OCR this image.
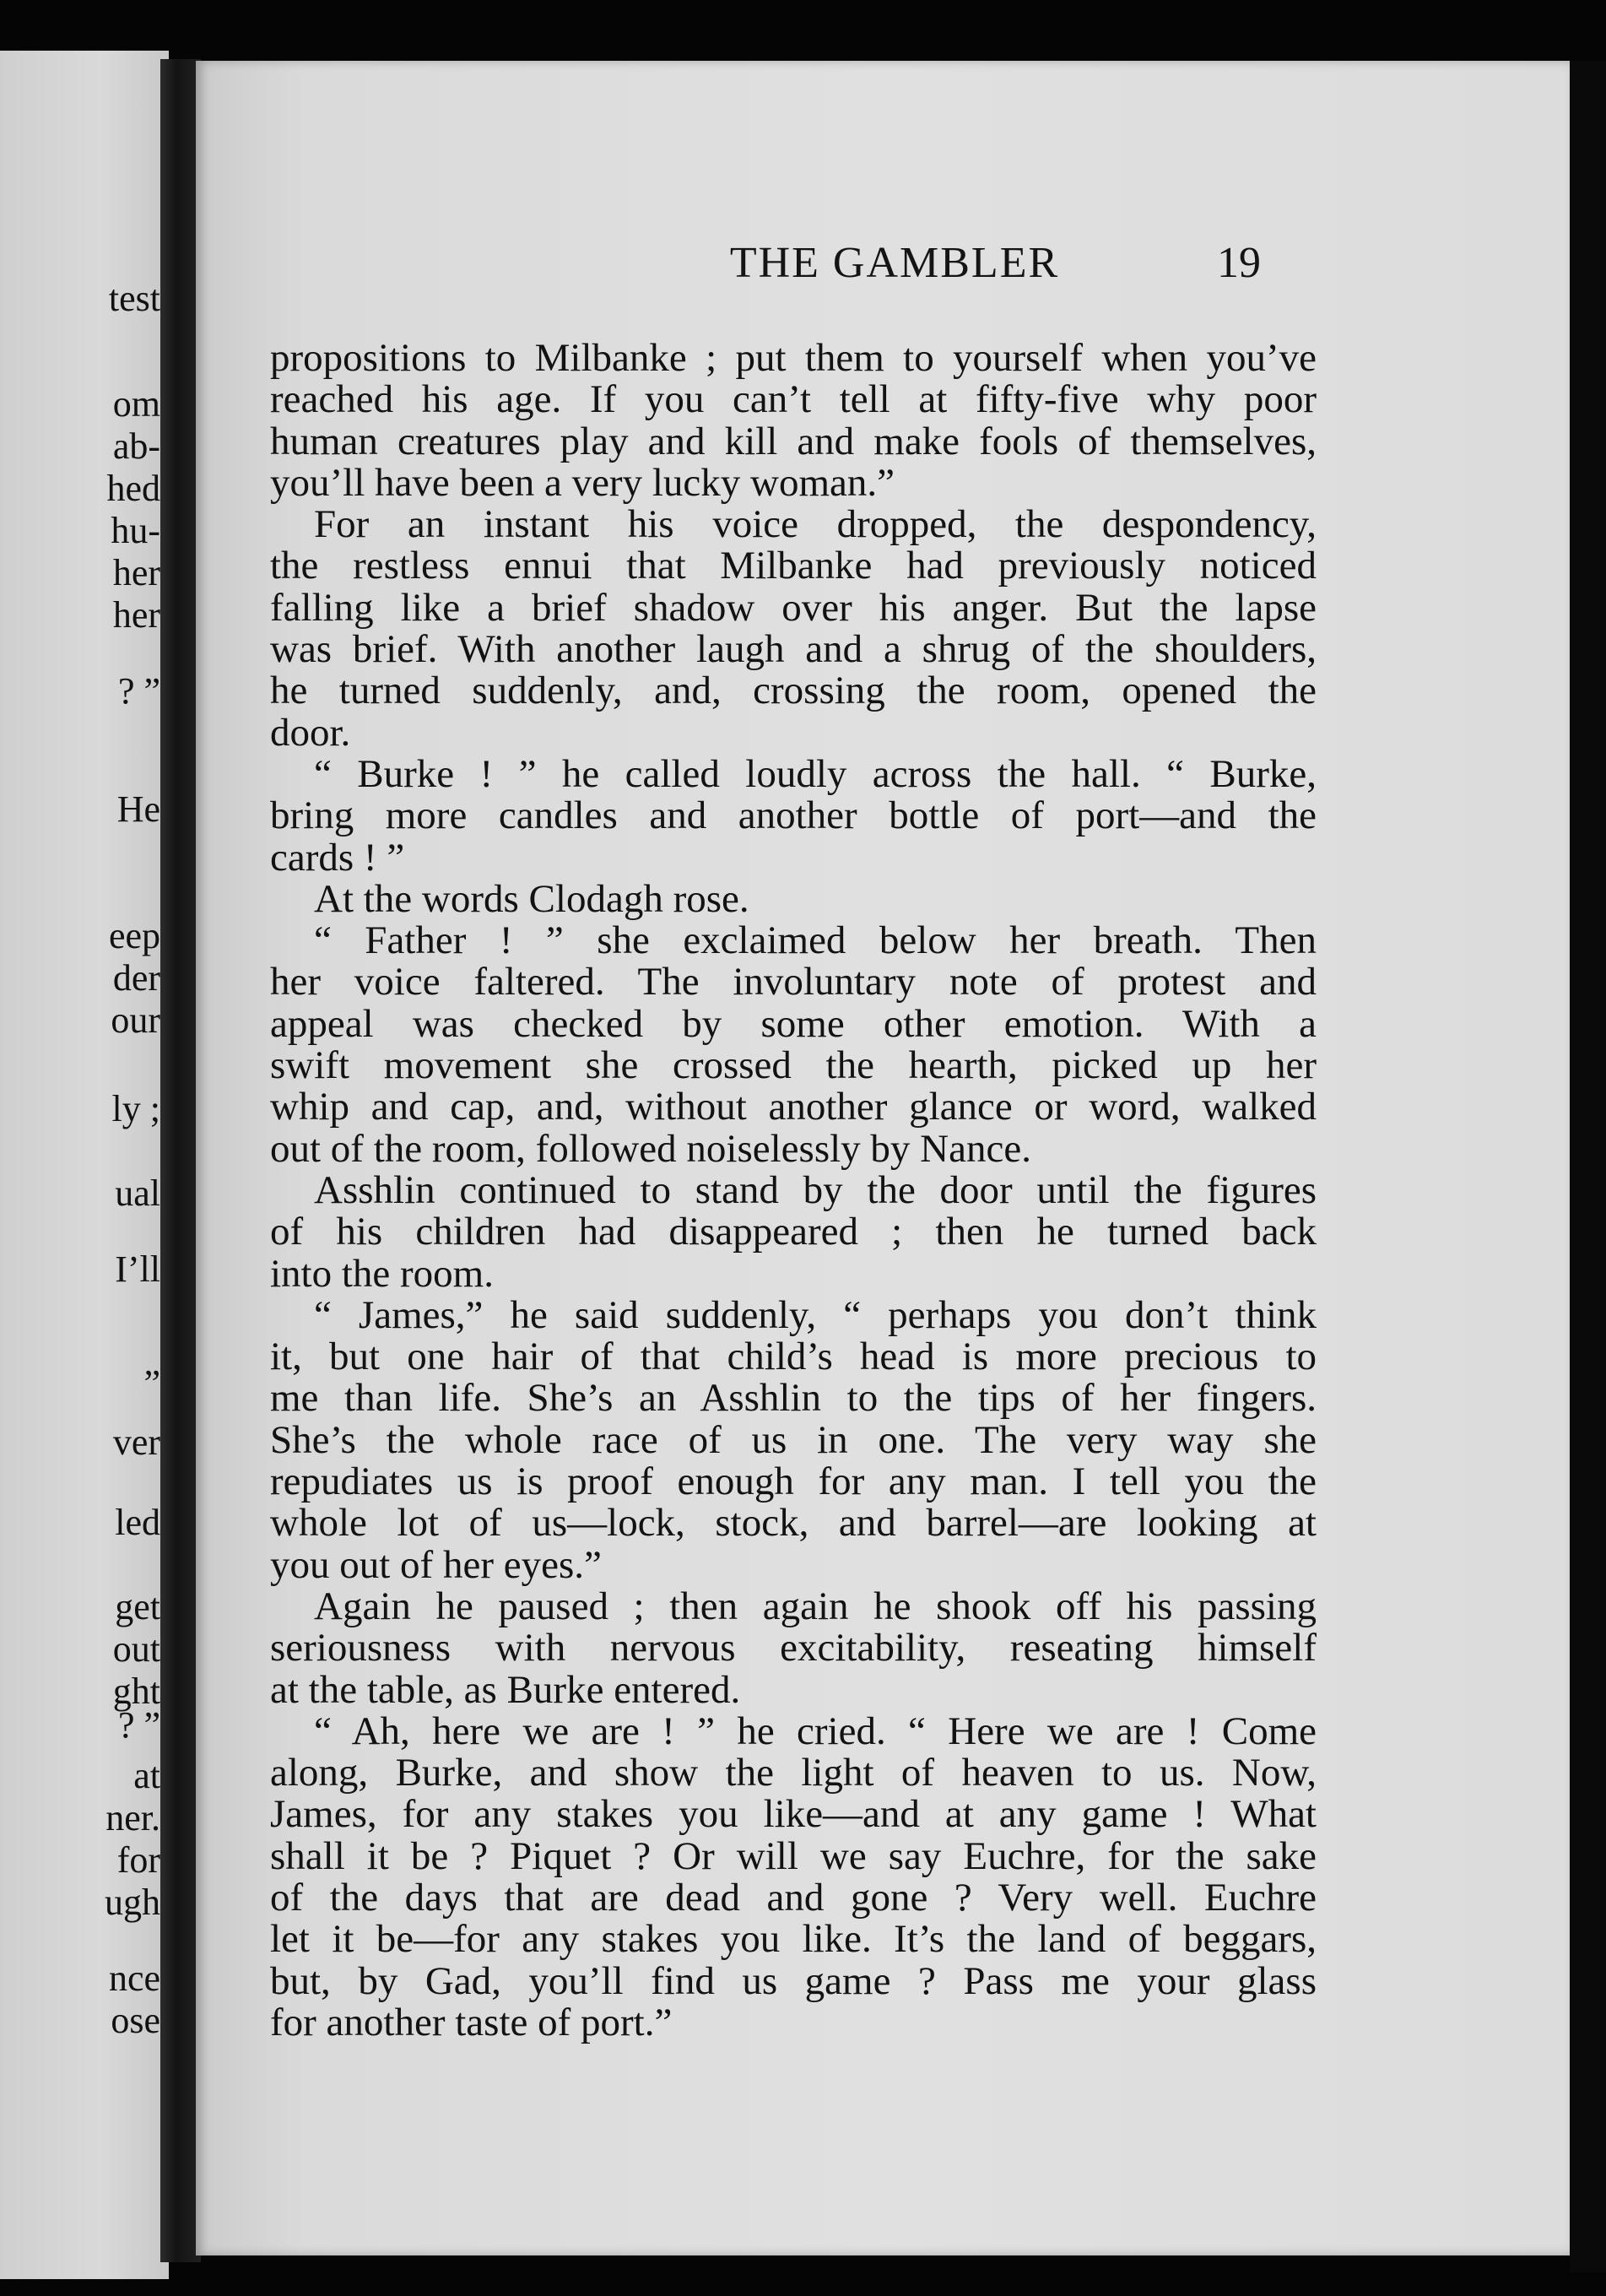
test
om
ab-
hed
hu-
her
her
? ”
He
eep
der
our
ly ;
ual
I’ll
”
ver
led
get
out
ght
? ”
at
ner.
for
ugh
nce
ose
THE GAMBLER	19
propositions to Milbanke ; put them to yourself when you’ve
reached his age. If you can’t tell at fifty-five why poor
human creatures play and kill and make fools of themselves,
you’ll have been a very lucky woman.”
For an instant his voice dropped, the despondency,
the restless ennui that Milbanke had previously noticed
falling like a brief shadow over his anger. But the lapse
was brief. With another laugh and a shrug of the shoulders,
he turned suddenly, and, crossing the room, opened the
door.
“ Burke ! ” he called loudly across the hall. “ Burke,
bring more candles and another bottle of port—and the
cards ! ”
At the words Clodagh rose.
“ Father ! ” she exclaimed below her breath. Then
her voice faltered. The involuntary note of protest and
appeal was checked by some other emotion. With a
swift movement she crossed the hearth, picked up her
whip and cap, and, without another glance or word, walked
out of the room, followed noiselessly by Nance.
Asshlin continued to stand by the door until the figures
of his children had disappeared ; then he turned back
into the room.
“ James,” he said suddenly, “ perhaps you don’t think
it, but one hair of that child’s head is more precious to
me than life. She’s an Asshlin to the tips of her fingers.
She’s the whole race of us in one. The very way she
repudiates us is proof enough for any man. I tell you the
whole lot of us—lock, stock, and barrel—are looking at
you out of her eyes.”
Again he paused ; then again he shook off his passing
seriousness with nervous excitability, reseating himself
at the table, as Burke entered.
“ Ah, here we are ! ” he cried. “ Here we are ! Come
along, Burke, and show the light of heaven to us. Now,
James, for any stakes you like—and at any game ! What
shall it be ? Piquet ? Or will we say Euchre, for the sake
of the days that are dead and gone ? Very well. Euchre
let it be—for any stakes you like. It’s the land of beggars,
but, by Gad, you’ll find us game ? Pass me your glass
for another taste of port.”
